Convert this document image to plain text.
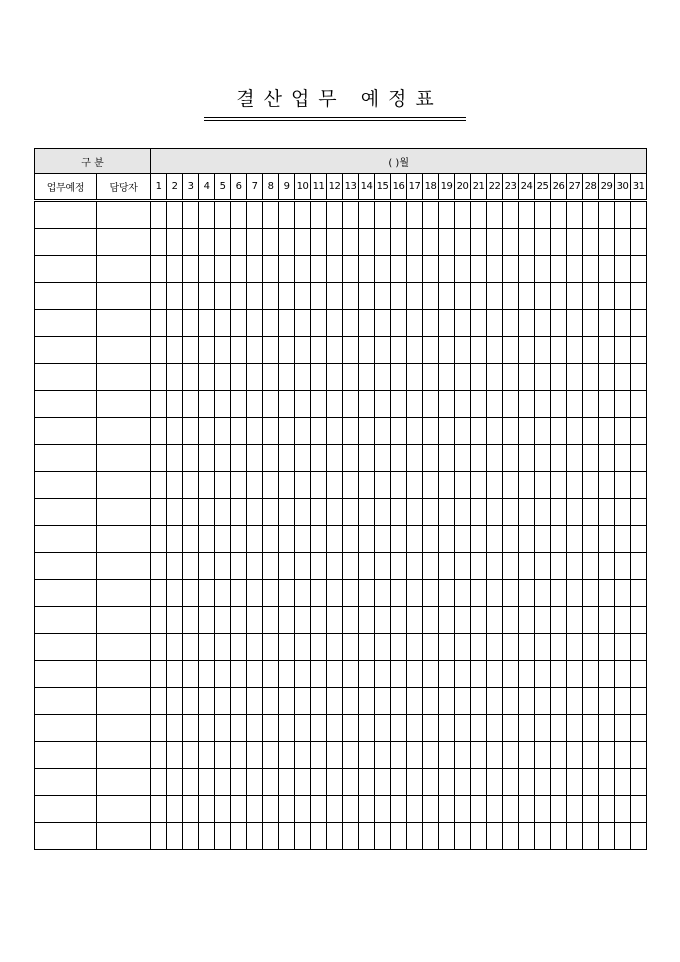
결산업무 예정표
구 분		( )월																														
업무예정	담당자	1	2	3	4	5	6	7	8	9	10	11	12	13	14	15	16	17	18	19	20	21	22	23	24	25	26	27	28	29	30	31
